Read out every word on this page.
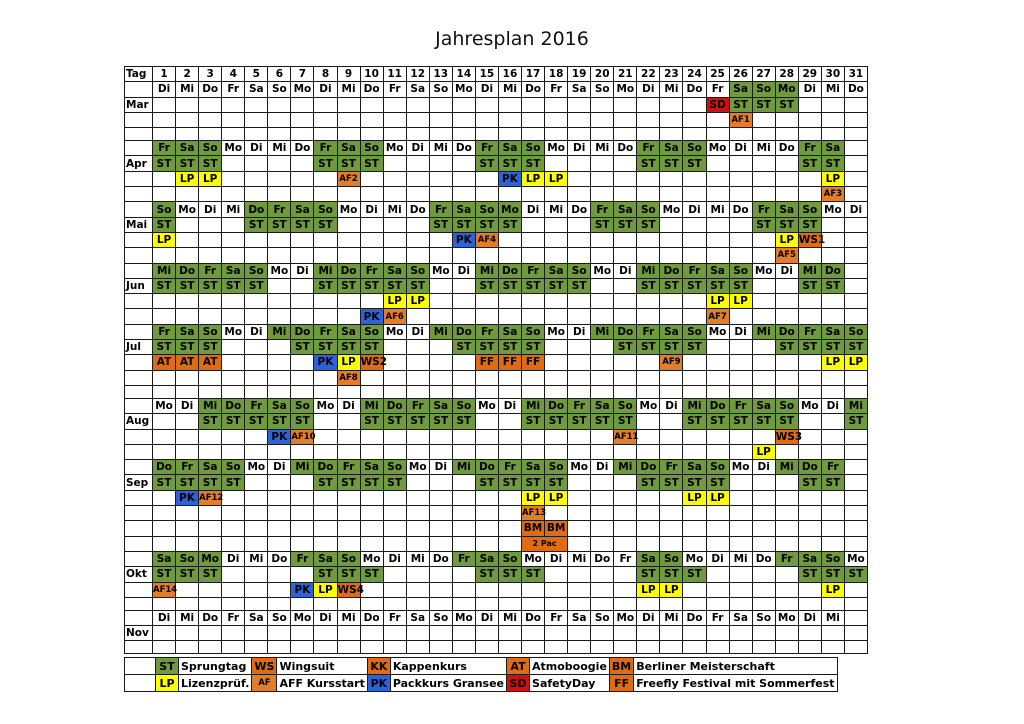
Jahresplan 2016
Tag	1	2	3	4	5	6	7	8	9	10	11	12	13	14	15	16	17	18	19	20	21	22	23	24	25	26	27	28	29	30	31
	Di	Mi	Do	Fr	Sa	So	Mo	Di	Mi	Do	Fr	Sa	So	Mo	Di	Mi	Do	Fr	Sa	So	Mo	Di	Mi	Do	Fr	Sa	So	Mo	Di	Mi	Do
Mar																									SD	ST	ST	ST			
																										AF1					

	Fr	Sa	So	Mo	Di	Mi	Do	Fr	Sa	So	Mo	Di	Mi	Do	Fr	Sa	So	Mo	Di	Mi	Do	Fr	Sa	So	Mo	Di	Mi	Do	Fr	Sa	
Apr	ST	ST	ST					ST	ST	ST					ST	ST	ST					ST	ST	ST					ST	ST	
		LP	LP						AF2							PK	LP	LP												LP	
																														AF3	
	So	Mo	Di	Mi	Do	Fr	Sa	So	Mo	Di	Mi	Do	Fr	Sa	So	Mo	Di	Mi	Do	Fr	Sa	So	Mo	Di	Mi	Do	Fr	Sa	So	Mo	Di
Mai	ST				ST	ST	ST	ST					ST	ST	ST	ST				ST	ST	ST					ST	ST	ST		
	LP													PK	AF4													LP	WS1		
																												AF5			
	Mi	Do	Fr	Sa	So	Mo	Di	Mi	Do	Fr	Sa	So	Mo	Di	Mi	Do	Fr	Sa	So	Mo	Di	Mi	Do	Fr	Sa	So	Mo	Di	Mi	Do	
Jun	ST	ST	ST	ST	ST			ST	ST	ST	ST	ST			ST	ST	ST	ST	ST			ST	ST	ST	ST	ST			ST	ST	
											LP	LP													LP	LP					
										PK	AF6														AF7						
	Fr	Sa	So	Mo	Di	Mi	Do	Fr	Sa	So	Mo	Di	Mi	Do	Fr	Sa	So	Mo	Di	Mi	Do	Fr	Sa	So	Mo	Di	Mi	Do	Fr	Sa	So
Jul	ST	ST	ST				ST	ST	ST	ST				ST	ST	ST	ST				ST	ST	ST	ST				ST	ST	ST	ST
	AT	AT	AT					PK	LP	WS2					FF	FF	FF						AF9							LP	LP
									AF8																						

	Mo	Di	Mi	Do	Fr	Sa	So	Mo	Di	Mi	Do	Fr	Sa	So	Mo	Di	Mi	Do	Fr	Sa	So	Mo	Di	Mi	Do	Fr	Sa	So	Mo	Di	Mi
Aug			ST	ST	ST	ST	ST			ST	ST	ST	ST	ST			ST	ST	ST	ST	ST			ST	ST	ST	ST	ST			ST
						PK	AF10														AF11							WS3			
																											LP				
	Do	Fr	Sa	So	Mo	Di	Mi	Do	Fr	Sa	So	Mo	Di	Mi	Do	Fr	Sa	So	Mo	Di	Mi	Do	Fr	Sa	So	Mo	Di	Mi	Do	Fr	
Sep	ST	ST	ST	ST				ST	ST	ST	ST				ST	ST	ST	ST				ST	ST	ST	ST				ST	ST	
		PK	AF12														LP	LP						LP	LP						
																	AF13														
																	BM	BM													
																	2 Pac														
	Sa	So	Mo	Di	Mi	Do	Fr	Sa	So	Mo	Di	Mi	Do	Fr	Sa	So	Mo	Di	Mi	Do	Fr	Sa	So	Mo	Di	Mi	Do	Fr	Sa	So	Mo
Okt	ST	ST	ST					ST	ST	ST					ST	ST	ST					ST	ST	ST					ST	ST	ST
	AF14						PK	LP	WS4													LP	LP							LP	

	Di	Mi	Do	Fr	Sa	So	Mo	Di	Mi	Do	Fr	Sa	So	Mo	Di	Mi	Do	Fr	Sa	So	Mo	Di	Mi	Do	Fr	Sa	So	Mo	Di	Mi	
Nov																															

	ST	Sprungtag	WS	Wingsuit	KK	Kappenkurs	AT	Atmoboogie	BM	Berliner Meisterschaft
	LP	Lizenzprüf.	AF	AFF Kursstart	PK	Packkurs Gransee	SD	SafetyDay	FF	Freefly Festival mit Sommerfest
